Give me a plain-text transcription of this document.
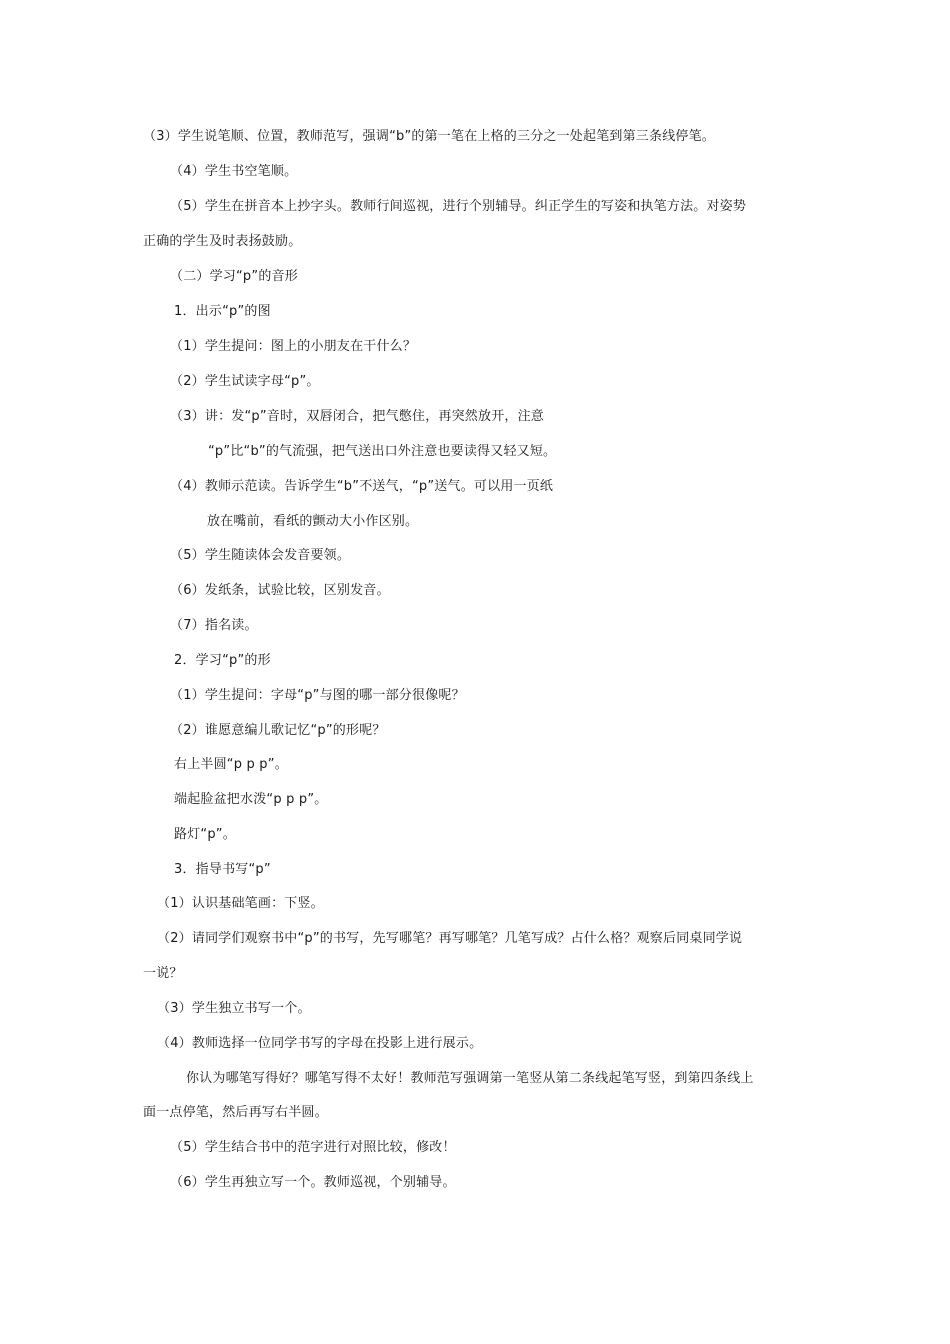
（3）学生说笔顺、位置，教师范写，强调“b”的第一笔在上格的三分之一处起笔到第三条线停笔。
（4）学生书空笔顺。
（5）学生在拼音本上抄字头。教师行间巡视，进行个别辅导。纠正学生的写姿和执笔方法。对姿势
正确的学生及时表扬鼓励。
（二）学习“p”的音形
1．出示“p”的图
（1）学生提问：图上的小朋友在干什么？
（2）学生试读字母“p”。
（3）讲：发“p”音时，双唇闭合，把气憋住，再突然放开，注意
“p”比“b”的气流强，把气送出口外注意也要读得又轻又短。
（4）教师示范读。告诉学生“b”不送气，“p”送气。可以用一页纸
放在嘴前，看纸的颤动大小作区别。
（5）学生随读体会发音要领。
（6）发纸条，试验比较，区别发音。
（7）指名读。
2．学习“p”的形
（1）学生提问：字母“p”与图的哪一部分很像呢？
（2）谁愿意编儿歌记忆“p”的形呢？
右上半圆“p p p”。
端起脸盆把水泼“p p p”。
路灯“p”。
3．指导书写“p”
（1）认识基础笔画：下竖。
（2）请同学们观察书中“p”的书写，先写哪笔？再写哪笔？几笔写成？占什么格？观察后同桌同学说
一说？
（3）学生独立书写一个。
（4）教师选择一位同学书写的字母在投影上进行展示。
你认为哪笔写得好？哪笔写得不太好！教师范写强调第一笔竖从第二条线起笔写竖，到第四条线上
面一点停笔，然后再写右半圆。
（5）学生结合书中的范字进行对照比较，修改！
（6）学生再独立写一个。教师巡视，个别辅导。
